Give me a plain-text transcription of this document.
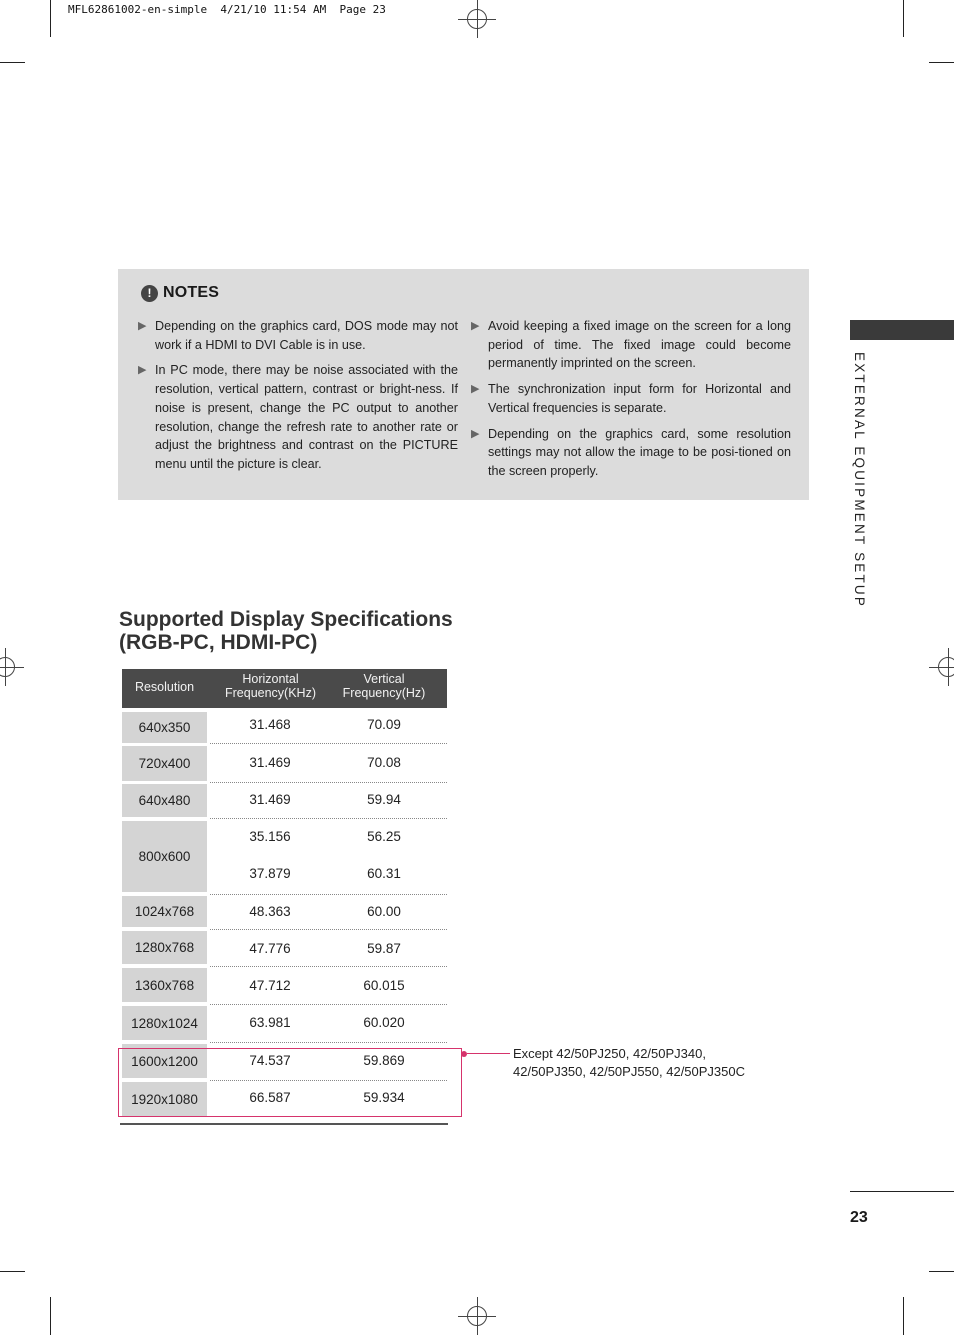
MFL62861002-en-simple  4/21/10 11:54 AM  Page 23
! NOTES
▶ Depending on the graphics card, DOS mode may not work if a HDMI to DVI Cable is in use.
▶ In PC mode, there may be noise associated with the resolution, vertical pattern, contrast or bright-ness. If noise is present, change the PC output to another resolution, change the refresh rate to another rate or adjust the brightness and contrast on the PICTURE menu until the picture is clear.
▶ Avoid keeping a fixed image on the screen for a long period of time. The fixed image could become permanently imprinted on the screen.
▶ The synchronization input form for Horizontal and Vertical frequencies is separate.
▶ Depending on the graphics card, some resolution settings may not allow the image to be posi-tioned on the screen properly.	EXTERNAL EQUIPMENT SETUP
Supported Display Specifications
(RGB-PC, HDMI-PC)
Resolution
Horizontal
Frequency(KHz)
Vertical
Frequency(Hz)
640x350	31.468	70.09
720x400	31.469	70.08
640x480	31.469	59.94
800x600
35.156	56.25
37.879	60.31
1024x768	48.363	60.00
1280x768	47.776	59.87
1360x768	47.712	60.015
1280x1024	63.981	60.020
1600x1200	74.537	59.869
1920x1080	66.587	59.934
Except 42/50PJ250, 42/50PJ340,
42/50PJ350, 42/50PJ550, 42/50PJ350C
23
